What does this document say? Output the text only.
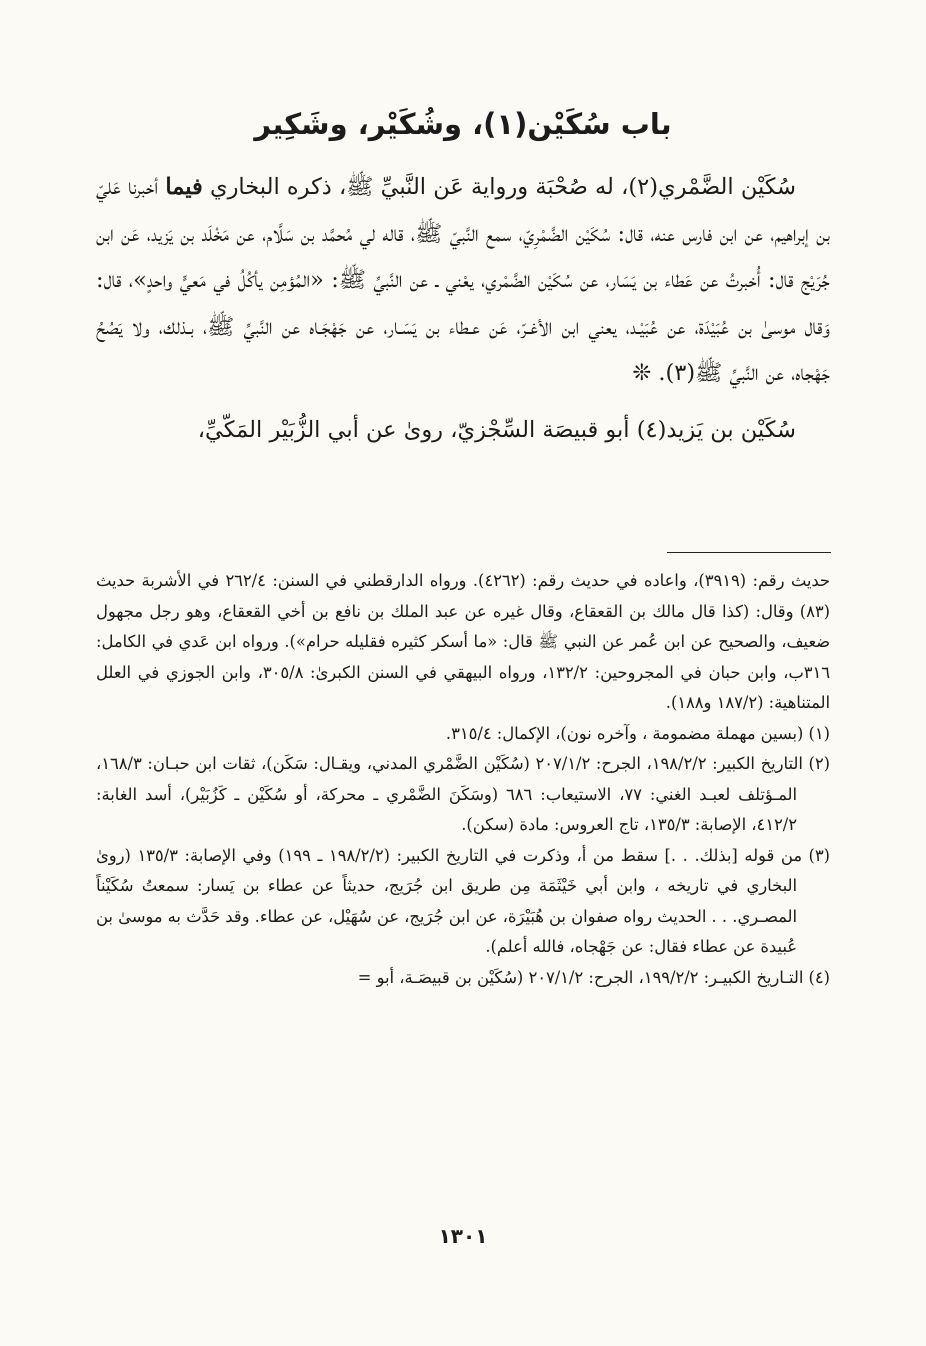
باب سُكَيْن(١)، وشُكَيْر، وشَكِير

سُكَيْن الضَّمْري(٢)، له صُحْبَة ورواية عَن النَّبيِّ ﷺ، ذكره البخاري فيما أخبرنا عَليّ بن إبراهيم، عن ابن فارس عنه، قال: سُكَيْن الضَّمْرِيّ، سمع النَّبيّ ﷺ، قاله لي مُحمَّد بن سَلَّام، عن مَخْلَد بن يَزيد، عَن ابن جُرَيْج قال: أُخبرتُ عن عَطاء بن يَسَار، عن سُكَيْن الضَّمْري، يعْني ـ عن النَّبيِّ ﷺ: «المُؤمِن يأكُلُ في مَعيٍّ واحدٍ»، قال: وَقال موسىٰ بن عُبَيْدَة، عن عُبَيْـد، يعني ابن الأغـرّ، عَن عـطاء بن يَسَـار، عن جَهْجَـاه عن النَّبيِّ ﷺ، بـذلك، ولا يَصُحُ جَهْجاه، عن النَّبيِّ ﷺ(٣). ❊

سُكَيْن بن يَزيد(٤) أبو قبيصَة السِّجْزيّ، روىٰ عن أبي الزُّبَيْر المَكّيِّ،

حديث رقم: (٣٩١٩)، واعاده في حديث رقم: (٤٢٦٢). ورواه الدارقطني في السنن: ٢٦٢/٤ في الأشربة حديث (٨٣) وقال: (كذا قال مالك بن القعقاع، وقال غيره عن عبد الملك بن نافع بن أخي القعقاع، وهو رجل مجهول ضعيف، والصحيح عن ابن عُمر عن النبي ﷺ قال: «ما أسكر كثيره فقليله حرام»). ورواه ابن عَدي في الكامل: ٣١٦ب، وابن حبان في المجروحين: ١٣٢/٢، ورواه البيهقي في السنن الكبرىٰ: ٣٠٥/٨، وابن الجوزي في العلل المتناهية: (١٨٧/٢ و١٨٨).

(١) (بسين مهملة مضمومة ، وآخره نون)، الإكمال: ٣١٥/٤.

(٢) التاريخ الكبير: ١٩٨/٢/٢، الجرح: ٢٠٧/١/٢ (سُكَيْن الضَّمْري المدني، ويقـال: سَكَن)، ثقات ابن حبـان: ١٦٨/٣، المـؤتلف لعبـد الغني: ٧٧، الاستيعاب: ٦٨٦ (وسَكَنَ الضَّمْري ـ محركة، أو سُكَيْن ـ كَزُبَيْر)، أسد الغابة: ٤١٢/٢، الإصابة: ١٣٥/٣، تاج العروس: مادة (سكن).

(٣) من قوله [بذلك. . .] سقط من أ، وذكرت في التاريخ الكبير: (١٩٨/٢/٢ ـ ١٩٩) وفي الإصابة: ١٣٥/٣ (روىٰ البخاري في تاريخه ، وابن أبي خَيْثَمَة مِن طريق ابن جُرَيج، حديثاً عن عطاء بن يَسار: سمعتُ سُكَيْناً المصـري. . . الحديث رواه صفوان بن هُبَيْرَة، عن ابن جُرَيج، عن سُهَيْل، عن عطاء. وقد حَدَّث به موسىٰ بن عُبيدة عن عطاء فقال: عن جَهْجاه، فالله أعلم).

(٤) التـاريخ الكبيـر: ١٩٩/٢/٢، الجرح: ٢٠٧/١/٢ (سُكَيْن بن قبيصَـة، أبو =

١٣٠١
